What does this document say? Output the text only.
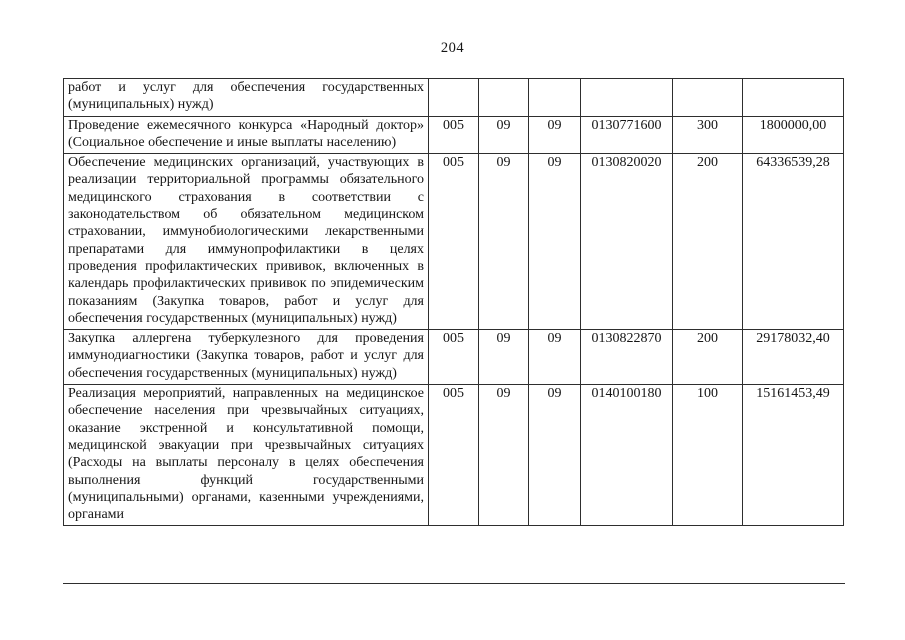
204
работ и услуг для обеспечения государственных (муниципальных) нужд)						
Проведение ежемесячного конкурса «Народный доктор» (Социальное обеспечение и иные выплаты населению)	005	09	09	0130771600	300	1800000,00
Обеспечение медицинских организаций, участвующих в реализации территориальной программы обязательного медицинского страхования в соответствии с законодательством об обязательном медицинском страховании, иммунобиологическими лекарственными препаратами для иммунопрофилактики в целях проведения профилактических прививок, включенных в календарь профилактических прививок по эпидемическим показаниям (Закупка товаров, работ и услуг для обеспечения государственных (муниципальных) нужд)	005	09	09	0130820020	200	64336539,28
Закупка аллергена туберкулезного для проведения иммунодиагностики (Закупка товаров, работ и услуг для обеспечения государственных (муниципальных) нужд)	005	09	09	0130822870	200	29178032,40
Реализация мероприятий, направленных на медицинское обеспечение населения при чрезвычайных ситуациях, оказание экстренной и консультативной помощи, медицинской эвакуации при чрезвычайных ситуациях (Расходы на выплаты персоналу в целях обеспечения выполнения функций государственными (муниципальными) органами, казенными учреждениями, органами	005	09	09	0140100180	100	15161453,49
